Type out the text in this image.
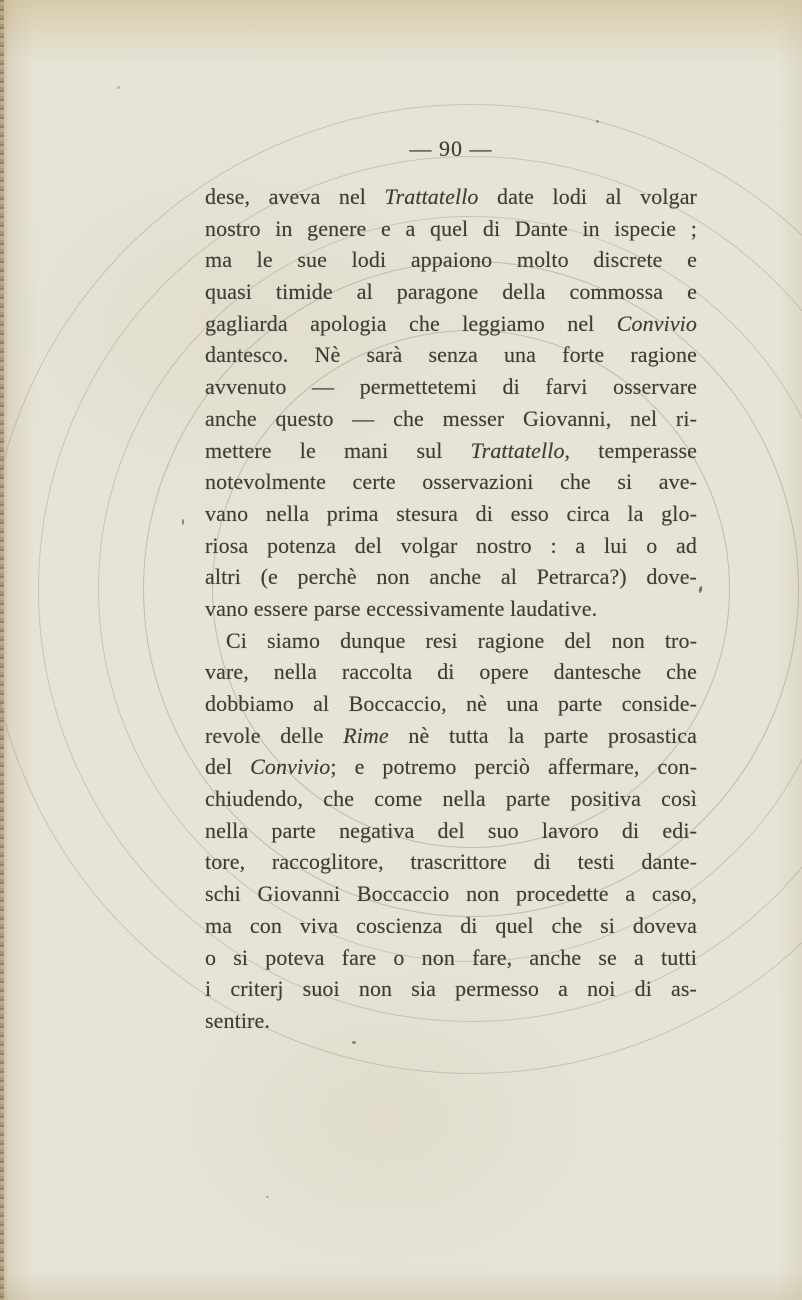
— 90 —
dese, aveva nel Trattatello date lodi al volgar
nostro in genere e a quel di Dante in ispecie ;
ma le sue lodi appaiono molto discrete e
quasi timide al paragone della commossa e
gagliarda apologia che leggiamo nel Convivio
dantesco. Nè sarà senza una forte ragione
avvenuto — permettetemi di farvi osservare
anche questo — che messer Giovanni, nel ri-
mettere le mani sul Trattatello, temperasse
notevolmente certe osservazioni che si ave-
vano nella prima stesura di esso circa la glo-
riosa potenza del volgar nostro : a lui o ad
altri (e perchè non anche al Petrarca?) dove-
vano essere parse eccessivamente laudative.
Ci siamo dunque resi ragione del non tro-
vare, nella raccolta di opere dantesche che
dobbiamo al Boccaccio, nè una parte conside-
revole delle Rime nè tutta la parte prosastica
del Convivio; e potremo perciò affermare, con-
chiudendo, che come nella parte positiva così
nella parte negativa del suo lavoro di edi-
tore, raccoglitore, trascrittore di testi dante-
schi Giovanni Boccaccio non procedette a caso,
ma con viva coscienza di quel che si doveva
o si poteva fare o non fare, anche se a tutti
i criterj suoi non sia permesso a noi di as-
sentire.
